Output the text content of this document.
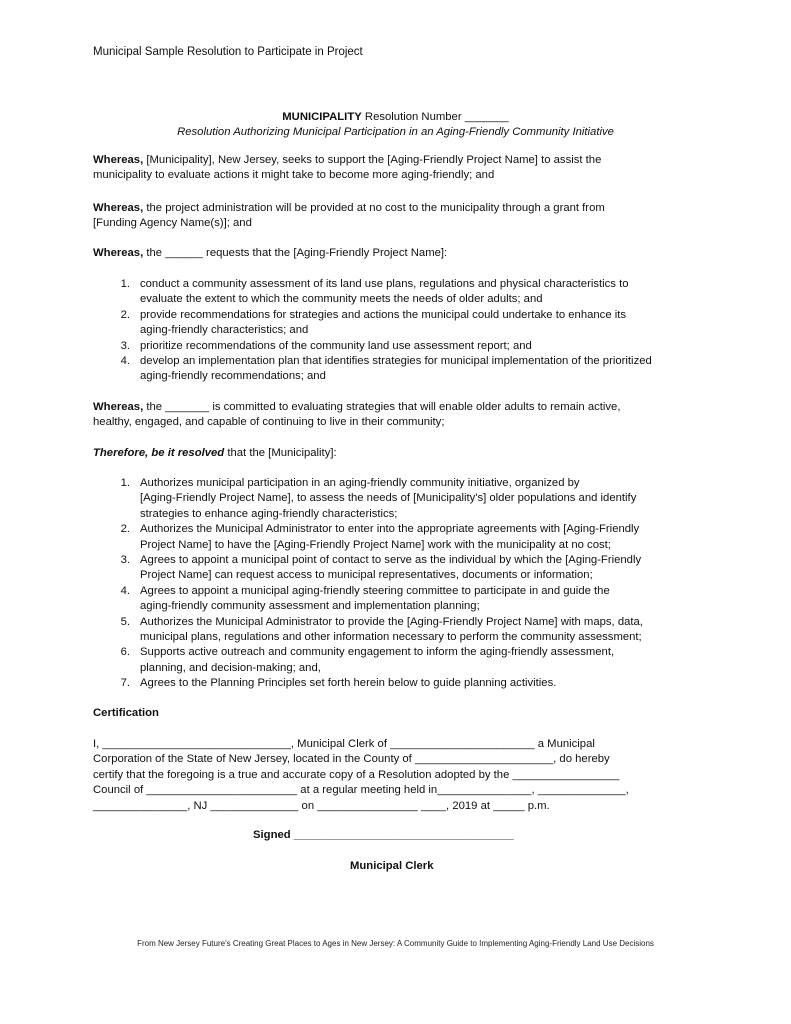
Municipal Sample Resolution to Participate in Project
MUNICIPALITY Resolution Number _______
Resolution Authorizing Municipal Participation in an Aging-Friendly Community Initiative
Whereas, [Municipality], New Jersey, seeks to support the [Aging-Friendly Project Name] to assist the
municipality to evaluate actions it might take to become more aging-friendly; and
Whereas, the project administration will be provided at no cost to the municipality through a grant from
[Funding Agency Name(s)]; and
Whereas, the ______ requests that the [Aging-Friendly Project Name]:
1. conduct a community assessment of its land use plans, regulations and physical characteristics to
evaluate the extent to which the community meets the needs of older adults; and
2. provide recommendations for strategies and actions the municipal could undertake to enhance its
aging-friendly characteristics; and
3. prioritize recommendations of the community land use assessment report; and
4. develop an implementation plan that identifies strategies for municipal implementation of the prioritized
aging-friendly recommendations; and
Whereas, the _______ is committed to evaluating strategies that will enable older adults to remain active,
healthy, engaged, and capable of continuing to live in their community;
Therefore, be it resolved that the [Municipality]:
1. Authorizes municipal participation in an aging-friendly community initiative, organized by
[Aging-Friendly Project Name], to assess the needs of [Municipality's] older populations and identify
strategies to enhance aging-friendly characteristics;
2. Authorizes the Municipal Administrator to enter into the appropriate agreements with [Aging-Friendly
Project Name] to have the [Aging-Friendly Project Name] work with the municipality at no cost;
3. Agrees to appoint a municipal point of contact to serve as the individual by which the [Aging-Friendly
Project Name] can request access to municipal representatives, documents or information;
4. Agrees to appoint a municipal aging-friendly steering committee to participate in and guide the
aging-friendly community assessment and implementation planning;
5. Authorizes the Municipal Administrator to provide the [Aging-Friendly Project Name] with maps, data,
municipal plans, regulations and other information necessary to perform the community assessment;
6. Supports active outreach and community engagement to inform the aging-friendly assessment,
planning, and decision-making; and,
7. Agrees to the Planning Principles set forth herein below to guide planning activities.
Certification
I, ______________________________, Municipal Clerk of _______________________ a Municipal
Corporation of the State of New Jersey, located in the County of ______________________, do hereby
certify that the foregoing is a true and accurate copy of a Resolution adopted by the _________________
Council of ________________________ at a regular meeting held in_______________, ______________,
_______________, NJ ______________ on ________________ ____, 2019 at _____ p.m.
Signed ___________________________________
Municipal Clerk
From New Jersey Future's Creating Great Places to Ages in New Jersey: A Community Guide to Implementing Aging-Friendly Land Use Decisions
